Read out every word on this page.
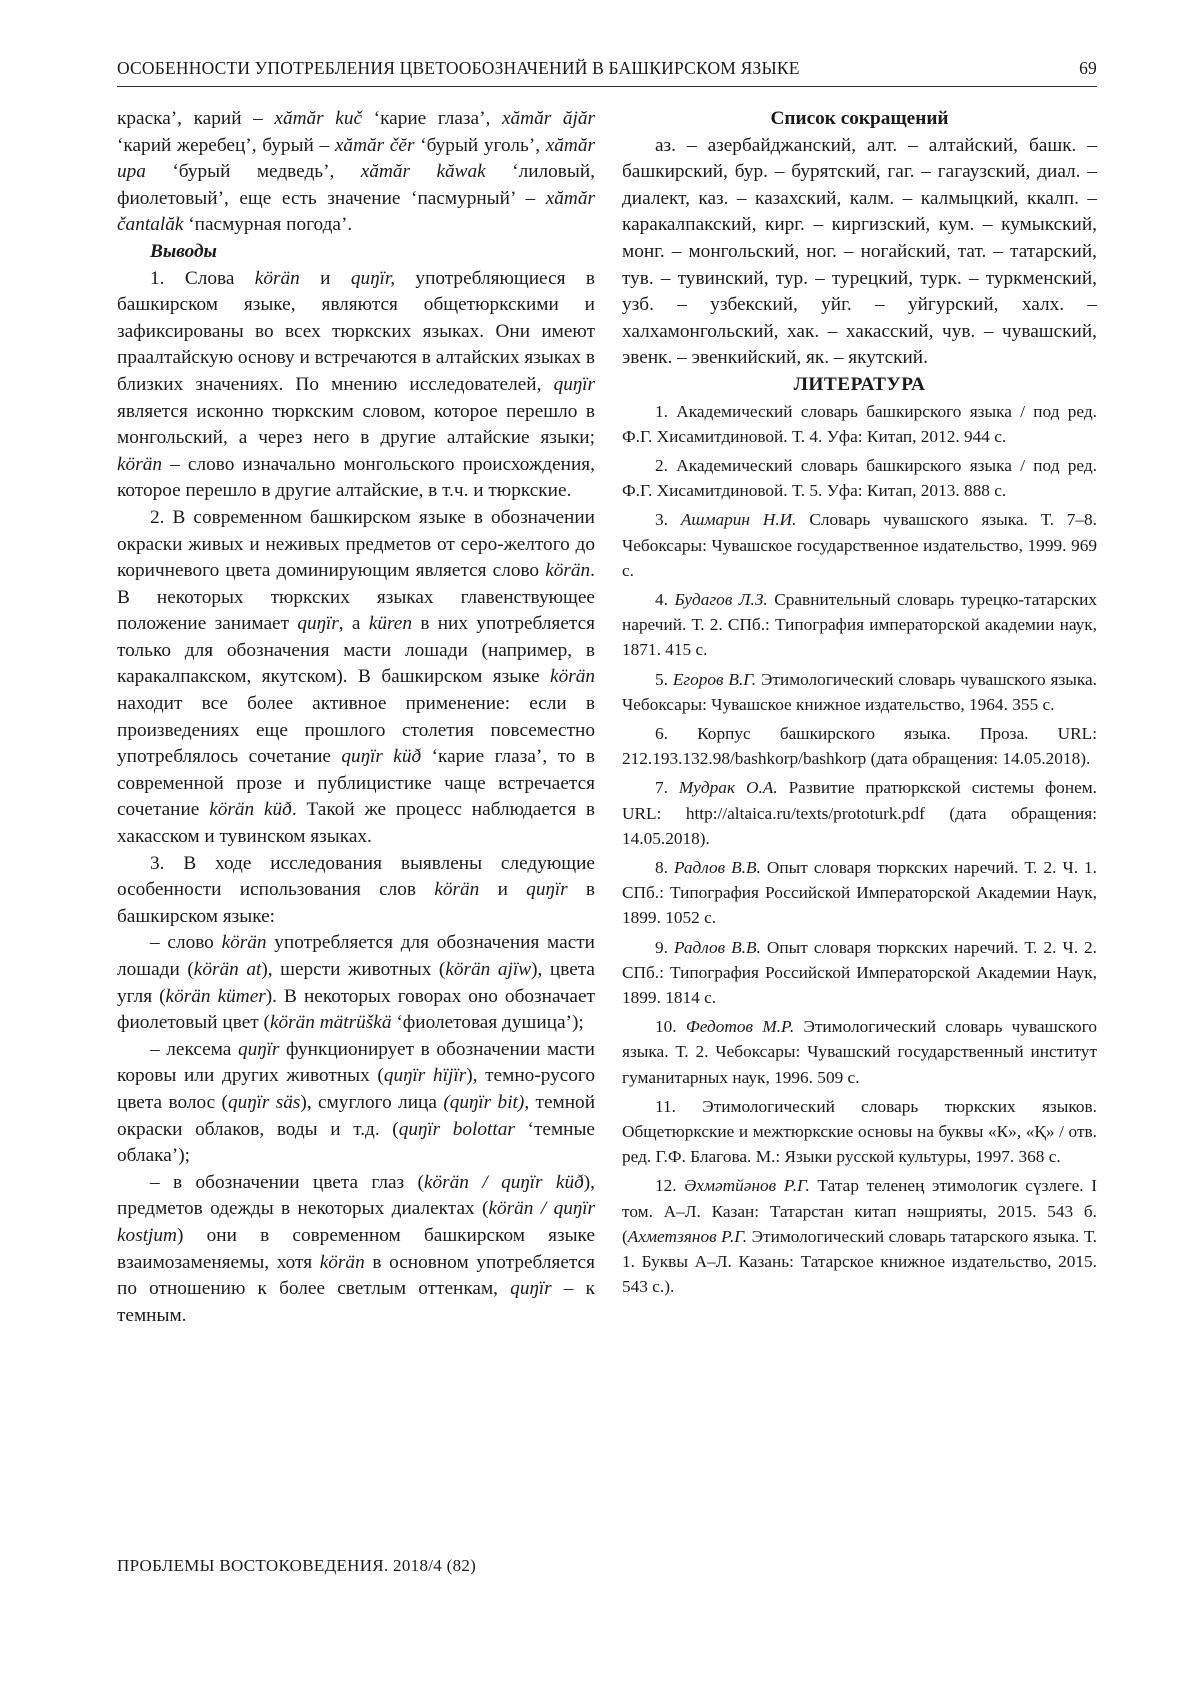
ОСОБЕННОСТИ УПОТРЕБЛЕНИЯ ЦВЕТООБОЗНАЧЕНИЙ В БАШКИРСКОМ ЯЗЫКЕ	69

краска’, карий – xămăr kuč ‘карие глаза’, xămăr ăjăr ‘карий жеребец’, бурый – xămăr čĕr ‘бурый уголь’, xămăr upa ‘бурый медведь’, xămăr kăwak ‘лиловый, фиолетовый’, еще есть значение ‘пасмурный’ – xămăr čantalăk ‘пасмурная погода’.

Выводы

1. Слова körän и quŋïr, употребляющиеся в башкирском языке, являются общетюркскими и зафиксированы во всех тюркских языках. Они имеют праалтайскую основу и встречаются в алтайских языках в близких значениях. По мнению исследователей, quŋïr является исконно тюркским словом, которое перешло в монгольский, а через него в другие алтайские языки; körän – слово изначально монгольского происхождения, которое перешло в другие алтайские, в т.ч. и тюркские.

2. В современном башкирском языке в обозначении окраски живых и неживых предметов от серо-желтого до коричневого цвета доминирующим является слово körän. В некоторых тюркских языках главенствующее положение занимает quŋïr, а küren в них употребляется только для обозначения масти лошади (например, в каракалпакском, якутском). В башкирском языке körän находит все более активное применение: если в произведениях еще прошлого столетия повсеместно употреблялось сочетание quŋïr küð ‘карие глаза’, то в современной прозе и публицистике чаще встречается сочетание körän küð. Такой же процесс наблюдается в хакасском и тувинском языках.

3. В ходе исследования выявлены следующие особенности использования слов körän и quŋïr в башкирском языке:

– слово körän употребляется для обозначения масти лошади (körän at), шерсти животных (körän ajïw), цвета угля (körän kümer). В некоторых говорах оно обозначает фиолетовый цвет (körän mätrüškä ‘фиолетовая душица’);

– лексема quŋïr функционирует в обозначении масти коровы или других животных (quŋïr hïjïr), темно-русого цвета волос (quŋïr säs), смуглого лица (quŋïr bit), темной окраски облаков, воды и т.д. (quŋïr bolottar ‘темные облака’);

– в обозначении цвета глаз (körän / quŋïr küð), предметов одежды в некоторых диалектах (körän / quŋïr kostjum) они в современном башкирском языке взаимозаменяемы, хотя körän в основном употребляется по отношению к более светлым оттенкам, quŋïr – к темным.

Список сокращений

аз. – азербайджанский, алт. – алтайский, башк. – башкирский, бур. – бурятский, гаг. – гагаузский, диал. – диалект, каз. – казахский, калм. – калмыцкий, ккалп. – каракалпакский, кирг. – киргизский, кум. – кумыкский, монг. – монгольский, ног. – ногайский, тат. – татарский, тув. – тувинский, тур. – турецкий, турк. – туркменский, узб. – узбекский, уйг. – уйгурский, халх. – халхамонгольский, хак. – хакасский, чув. – чувашский, эвенк. – эвенкийский, як. – якутский.

ЛИТЕРАТУРА

1. Академический словарь башкирского языка / под ред. Ф.Г. Хисамитдиновой. Т. 4. Уфа: Китап, 2012. 944 с.

2. Академический словарь башкирского языка / под ред. Ф.Г. Хисамитдиновой. Т. 5. Уфа: Китап, 2013. 888 с.

3. Ашмарин Н.И. Словарь чувашского языка. Т. 7–8. Чебоксары: Чувашское государственное издательство, 1999. 969 с.

4. Будагов Л.З. Сравнительный словарь турецко-татарских наречий. Т. 2. СПб.: Типография императорской академии наук, 1871. 415 с.

5. Егоров В.Г. Этимологический словарь чувашского языка. Чебоксары: Чувашское книжное издательство, 1964. 355 с.

6. Корпус башкирского языка. Проза. URL: 212.193.132.98/bashkorp/bashkorp (дата обращения: 14.05.2018).

7. Мудрак О.А. Развитие пратюркской системы фонем. URL: http://altaica.ru/texts/prototurk.pdf (дата обращения: 14.05.2018).

8. Радлов В.В. Опыт словаря тюркских наречий. Т. 2. Ч. 1. СПб.: Типография Российской Императорской Академии Наук, 1899. 1052 с.

9. Радлов В.В. Опыт словаря тюркских наречий. Т. 2. Ч. 2. СПб.: Типография Российской Императорской Академии Наук, 1899. 1814 с.

10. Федотов М.Р. Этимологический словарь чувашского языка. Т. 2. Чебоксары: Чувашский государственный институт гуманитарных наук, 1996. 509 с.

11. Этимологический словарь тюркских языков. Общетюркские и межтюркские основы на буквы «К», «Қ» / отв. ред. Г.Ф. Благова. М.: Языки русской культуры, 1997. 368 с.

12. Әхмәтйәнов Р.Г. Татар теленең этимологик сүзлеге. I том. А–Л. Казан: Татарстан китап нәшрияты, 2015. 543 б. (Ахметзянов Р.Г. Этимологический словарь татарского языка. Т. 1. Буквы А–Л. Казань: Татарское книжное издательство, 2015. 543 с.).

ПРОБЛЕМЫ ВОСТОКОВЕДЕНИЯ. 2018/4 (82)
